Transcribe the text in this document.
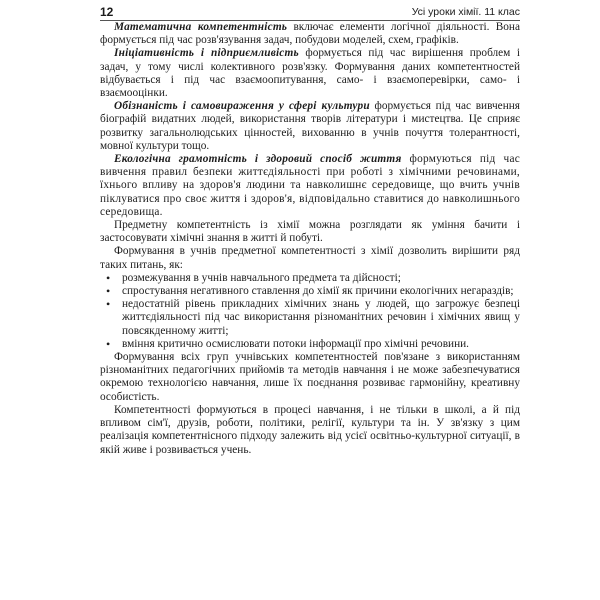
12	Усі уроки хімії. 11 клас

Математична компетентність включає елементи логічної діяльності. Вона формується під час розв'язування задач, побудови моделей, схем, графіків.

Ініціативність і підприємливість формується під час вирішення проблем і задач, у тому числі колективного розв'язку. Формування даних компетентностей відбувається і під час взаємоопитування, само- і взаємоперевірки, само- і взаємооцінки.

Обізнаність і самовираження у сфері культури формується під час вивчення біографій видатних людей, використання творів літератури і мистецтва. Це сприяє розвитку загальнолюдських цінностей, вихованню в учнів почуття толерантності, мовної культури тощо.

Екологічна грамотність і здоровий спосіб життя формуються під час вивчення правил безпеки життєдіяльності при роботі з хімічними речовинами, їхнього впливу на здоров'я людини та навколишнє середовище, що вчить учнів піклуватися про своє життя і здоров'я, відповідально ставитися до навколишнього середовища.

Предметну компетентність із хімії можна розглядати як уміння бачити і застосовувати хімічні знання в житті й побуті.

Формування в учнів предметної компетентності з хімії дозволить вирішити ряд таких питань, як:

• розмежування в учнів навчального предмета та дійсності;
• спростування негативного ставлення до хімії як причини екологічних негараздів;
• недостатній рівень прикладних хімічних знань у людей, що загрожує безпеці життєдіяльності під час використання різноманітних речовин і хімічних явищ у повсякденному житті;
• вміння критично осмислювати потоки інформації про хімічні речовини.

Формування всіх груп учнівських компетентностей пов'язане з використанням різноманітних педагогічних прийомів та методів навчання і не може забезпечуватися окремою технологією навчання, лише їх поєднання розвиває гармонійну, креативну особистість.

Компетентності формуються в процесі навчання, і не тільки в школі, а й під впливом сім'ї, друзів, роботи, політики, релігії, культури та ін. У зв'язку з цим реалізація компетентнісного підходу залежить від усієї освітньо-культурної ситуації, в якій живе і розвивається учень.
